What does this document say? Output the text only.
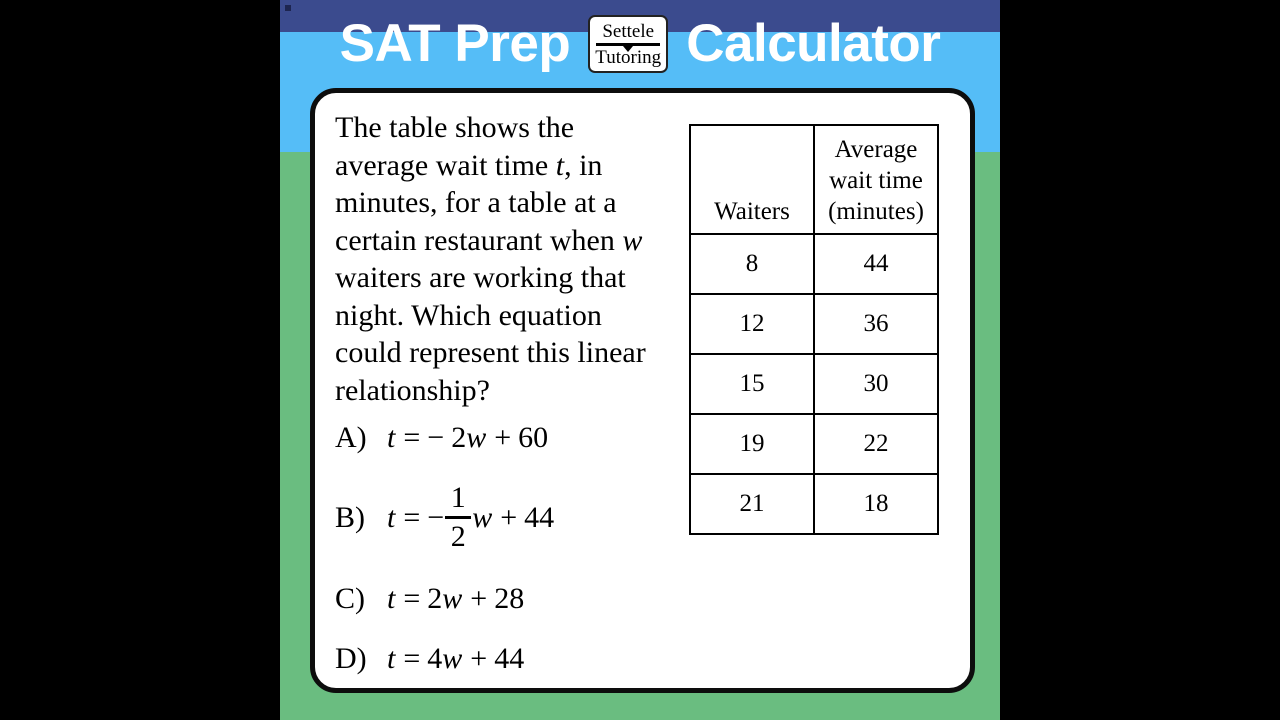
SAT Prep Settele
Tutoring Calculator
The table shows the average wait time t, in minutes, for a table at a certain restaurant when w waiters are working that night. Which equation could represent this linear relationship?
A) t = − 2 w + 60
B) t = − $\frac{1}{2}$ w + 44
C) t = 2 w + 28
D) t = 4 w + 44
Waiters	Average
wait time
(minutes)
8	44
12	36
15	30
19	22
21	18
